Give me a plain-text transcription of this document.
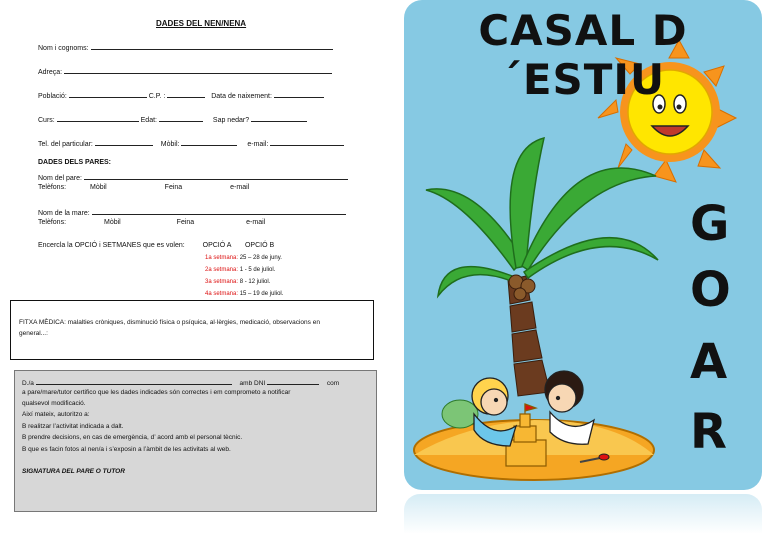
DADES DEL NEN/NENA
Nom i cognoms:
Adreça:
Població:	C.P. :	Data de naixement:
Curs:	Edat:	Sap nedar?
Tel. del particular:	Mòbil:	e-mail:
DADES DELS PARES:
Nom del pare:
Telèfons:	Mòbil	Feina	e-mail
Nom de la mare:
Telèfons:	Mòbil	Feina	e-mail
Encercla la OPCIÓ i SETMANES que es volen:	OPCIÓ A OPCIÓ B
1a setmana: 25 – 28 de juny.
2a setmana: 1 - 5 de juliol.
3a setmana: 8 - 12 juliol.
4a setmana: 15 – 19 de juliol.
FITXA MÈDICA: malalties cròniques, disminució física o psíquica, al·lèrgies, medicació, observacions en general...:
D./a	amb DNI	com
a pare/mare/tutor certifico que les dades indicades són correctes i em comprometo a notificar
qualsevol modificació.
Així mateix, autoritzo a:
B realitzar l’activitat indicada a dalt.
B prendre decisions, en cas de emergència, d’ acord amb el personal tècnic.
B que es facin fotos al nen/a i s’exposin a l’àmbit de les activitats al web.
SIGNATURA DEL PARE O TUTOR
CASAL D´ESTIU
G
O
A
R
